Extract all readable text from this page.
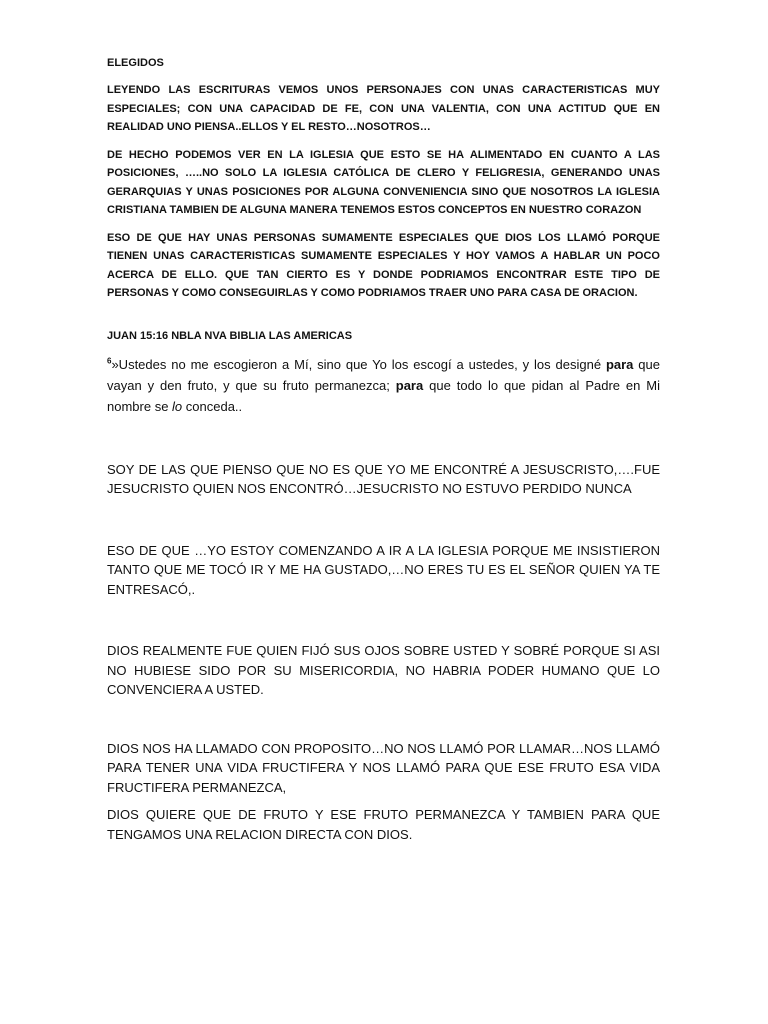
ELEGIDOS

LEYENDO LAS ESCRITURAS VEMOS UNOS PERSONAJES CON UNAS CARACTERISTICAS MUY ESPECIALES; CON UNA CAPACIDAD DE FE, CON UNA VALENTIA, CON UNA ACTITUD QUE EN REALIDAD UNO PIENSA..ELLOS Y EL RESTO…NOSOTROS…

DE HECHO PODEMOS VER EN LA IGLESIA QUE ESTO SE HA ALIMENTADO EN CUANTO A LAS POSICIONES, …..NO SOLO LA IGLESIA CATÓLICA DE CLERO Y FELIGRESIA, GENERANDO UNAS GERARQUIAS Y UNAS POSICIONES POR ALGUNA CONVENIENCIA SINO QUE NOSOTROS LA IGLESIA CRISTIANA TAMBIEN DE ALGUNA MANERA TENEMOS ESTOS CONCEPTOS EN NUESTRO CORAZON

ESO DE QUE HAY UNAS PERSONAS SUMAMENTE ESPECIALES QUE DIOS LOS LLAMÓ PORQUE TIENEN UNAS CARACTERISTICAS SUMAMENTE ESPECIALES Y HOY VAMOS A HABLAR UN POCO ACERCA DE ELLO. QUE TAN CIERTO ES Y DONDE PODRIAMOS ENCONTRAR ESTE TIPO DE PERSONAS Y COMO CONSEGUIRLAS Y COMO PODRIAMOS TRAER UNO PARA CASA DE ORACION.

JUAN 15:16 NBLA NVA BIBLIA LAS AMERICAS

$^6$»Ustedes no me escogieron a Mí, sino que Yo los escogí a ustedes, y los designé para que vayan y den fruto, y que su fruto permanezca; para que todo lo que pidan al Padre en Mi nombre se lo conceda..

SOY DE LAS QUE PIENSO QUE NO ES QUE YO ME ENCONTRÉ A JESUSCRISTO,….FUE JESUCRISTO QUIEN NOS ENCONTRÓ…JESUCRISTO NO ESTUVO PERDIDO NUNCA

ESO DE QUE …YO ESTOY COMENZANDO A IR A LA IGLESIA PORQUE ME INSISTIERON TANTO QUE ME TOCÓ IR Y ME HA GUSTADO,…NO ERES TU ES EL SEÑOR QUIEN YA TE ENTRESACÓ,.

DIOS REALMENTE FUE QUIEN FIJÓ SUS OJOS SOBRE USTED Y SOBRÉ PORQUE SI ASI NO HUBIESE SIDO POR SU MISERICORDIA, NO HABRIA PODER HUMANO QUE LO CONVENCIERA A USTED.

DIOS NOS HA LLAMADO CON PROPOSITO…NO NOS LLAMÓ POR LLAMAR…NOS LLAMÓ PARA TENER UNA VIDA FRUCTIFERA Y NOS LLAMÓ PARA QUE ESE FRUTO ESA VIDA FRUCTIFERA PERMANEZCA,

DIOS QUIERE QUE DE FRUTO Y ESE FRUTO PERMANEZCA Y TAMBIEN PARA QUE TENGAMOS UNA RELACION DIRECTA CON DIOS.
